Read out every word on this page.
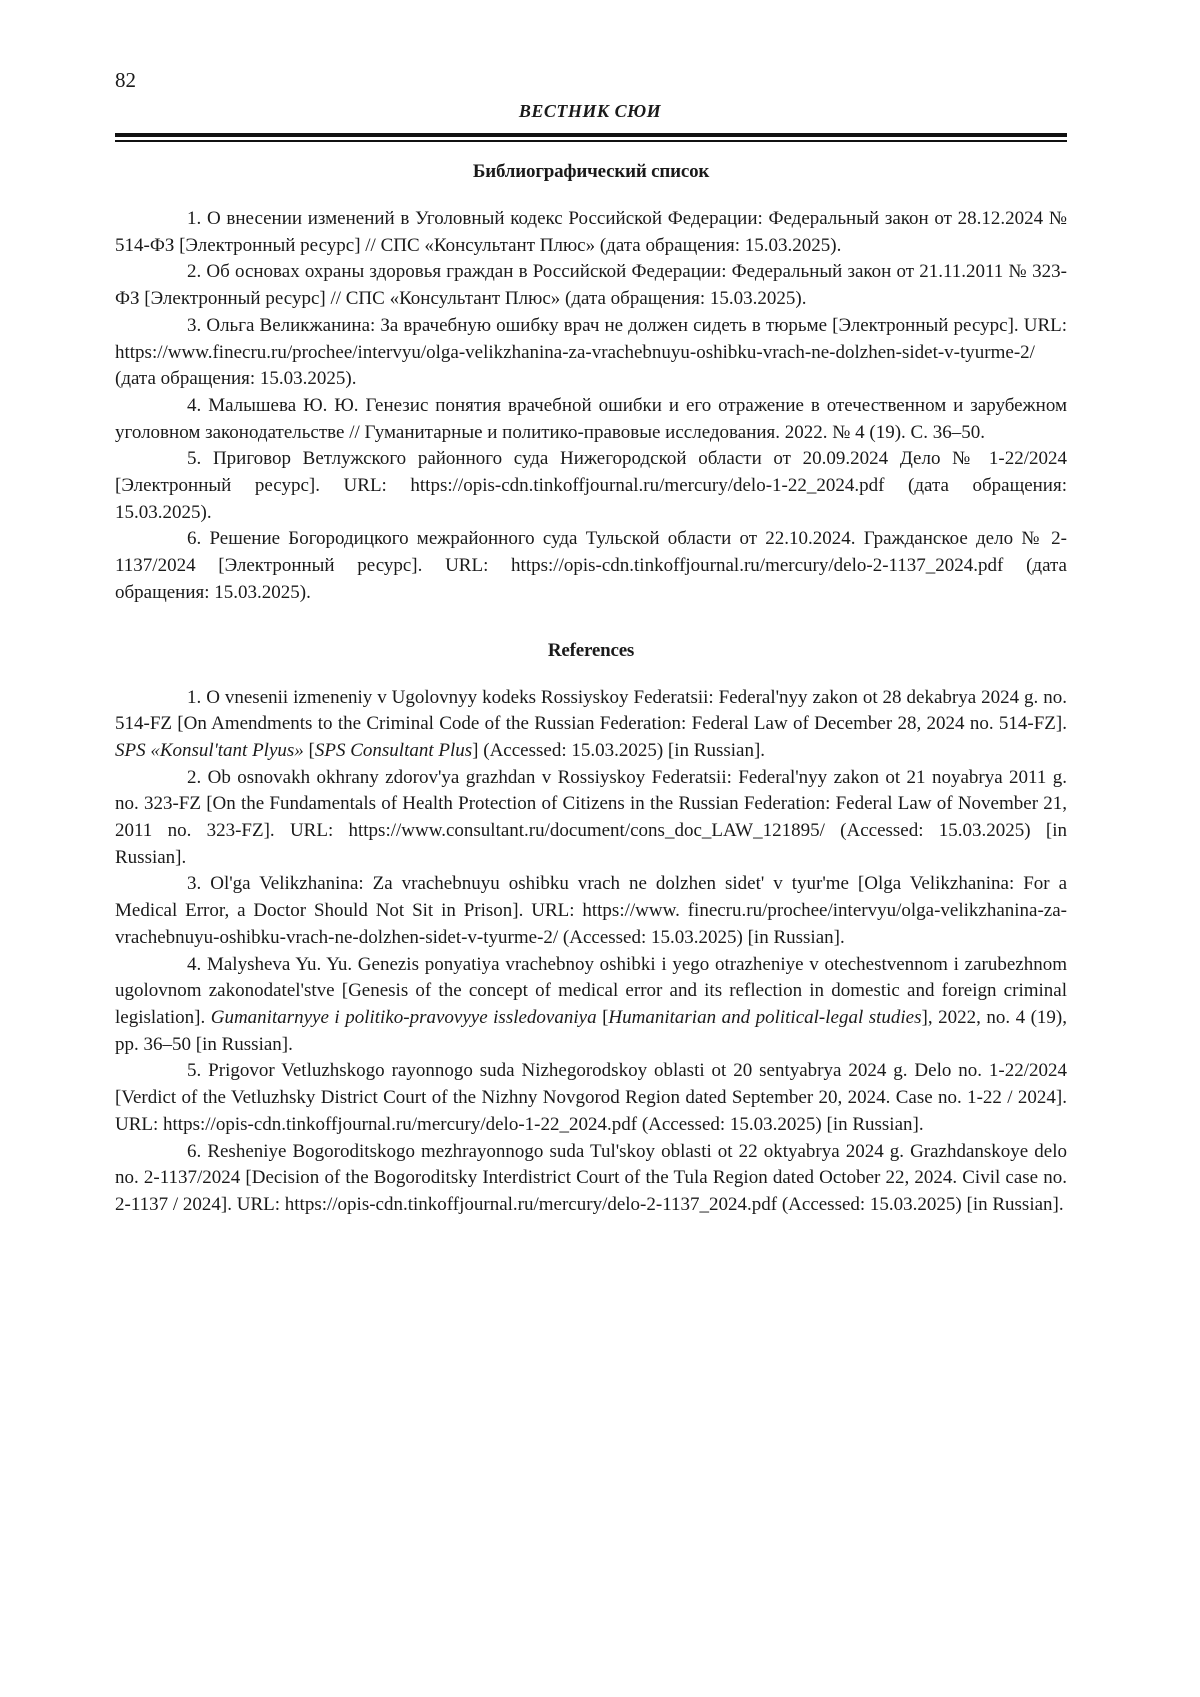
82
ВЕСТНИК СЮИ
Библиографический список

1. О внесении изменений в Уголовный кодекс Российской Федерации: Федеральный закон от 28.12.2024 № 514-ФЗ [Электронный ресурс] // СПС «Консультант Плюс» (дата обращения: 15.03.2025).

2. Об основах охраны здоровья граждан в Российской Федерации: Федеральный закон от 21.11.2011 № 323-ФЗ [Электронный ресурс] // СПС «Консультант Плюс» (дата обращения: 15.03.2025).

3. Ольга Великжанина: За врачебную ошибку врач не должен сидеть в тюрьме [Электронный ресурс]. URL: https://www.finecru.ru/prochee/intervyu/olga-velikzhanina-za-vrachebnuyu-oshibku-vrach-ne-dolzhen-sidet-v-tyurme-2/ (дата обращения: 15.03.2025).

4. Малышева Ю. Ю. Генезис понятия врачебной ошибки и его отражение в отечественном и зарубежном уголовном законодательстве // Гуманитарные и политико-правовые исследования. 2022. № 4 (19). С. 36–50.

5. Приговор Ветлужского районного суда Нижегородской области от 20.09.2024 Дело № 1-22/2024 [Электронный ресурс]. URL: https://opis-cdn.tinkoffjournal.ru/mercury/delo-1-22_2024.pdf (дата обращения: 15.03.2025).

6. Решение Богородицкого межрайонного суда Тульской области от 22.10.2024. Гражданское дело № 2-1137/2024 [Электронный ресурс]. URL: https://opis-cdn.tinkoffjournal.ru/mercury/delo-2-1137_2024.pdf (дата обращения: 15.03.2025).

References

1. O vnesenii izmeneniy v Ugolovnyy kodeks Rossiyskoy Federatsii: Federal'nyy zakon ot 28 dekabrya 2024 g. no. 514-FZ [On Amendments to the Criminal Code of the Russian Federation: Federal Law of December 28, 2024 no. 514-FZ]. SPS «Konsul'tant Plyus» [SPS Consultant Plus] (Accessed: 15.03.2025) [in Russian].

2. Ob osnovakh okhrany zdorov'ya grazhdan v Rossiyskoy Federatsii: Federal'nyy zakon ot 21 noyabrya 2011 g. no. 323-FZ [On the Fundamentals of Health Protection of Citizens in the Russian Federation: Federal Law of November 21, 2011 no. 323-FZ]. URL: https://www.consultant.ru/document/cons_doc_LAW_121895/ (Accessed: 15.03.2025) [in Russian].

3. Ol'ga Velikzhanina: Za vrachebnuyu oshibku vrach ne dolzhen sidet' v tyur'me [Olga Velikzhanina: For a Medical Error, a Doctor Should Not Sit in Prison]. URL: https://www. finecru.ru/prochee/intervyu/olga-velikzhanina-za-vrachebnuyu-oshibku-vrach-ne-dolzhen-sidet-v-tyurme-2/ (Accessed: 15.03.2025) [in Russian].

4. Malysheva Yu. Yu. Genezis ponyatiya vrachebnoy oshibki i yego otrazheniye v otechestvennom i zarubezhnom ugolovnom zakonodatel'stve [Genesis of the concept of medical error and its reflection in domestic and foreign criminal legislation]. Gumanitarnyye i politiko-pravovyye issledovaniya [Humanitarian and political-legal studies], 2022, no. 4 (19), pp. 36–50 [in Russian].

5. Prigovor Vetluzhskogo rayonnogo suda Nizhegorodskoy oblasti ot 20 sentyabrya 2024 g. Delo no. 1-22/2024 [Verdict of the Vetluzhsky District Court of the Nizhny Novgorod Region dated September 20, 2024. Case no. 1-22 / 2024]. URL: https://opis-cdn.tinkoffjournal.ru/mercury/delo-1-22_2024.pdf (Accessed: 15.03.2025) [in Russian].

6. Resheniye Bogoroditskogo mezhrayonnogo suda Tul'skoy oblasti ot 22 oktyabrya 2024 g. Grazhdanskoye delo no. 2-1137/2024 [Decision of the Bogoroditsky Interdistrict Court of the Tula Region dated October 22, 2024. Civil case no. 2-1137 / 2024]. URL: https://opis-cdn.tinkoffjournal.ru/mercury/delo-2-1137_2024.pdf (Accessed: 15.03.2025) [in Russian].
